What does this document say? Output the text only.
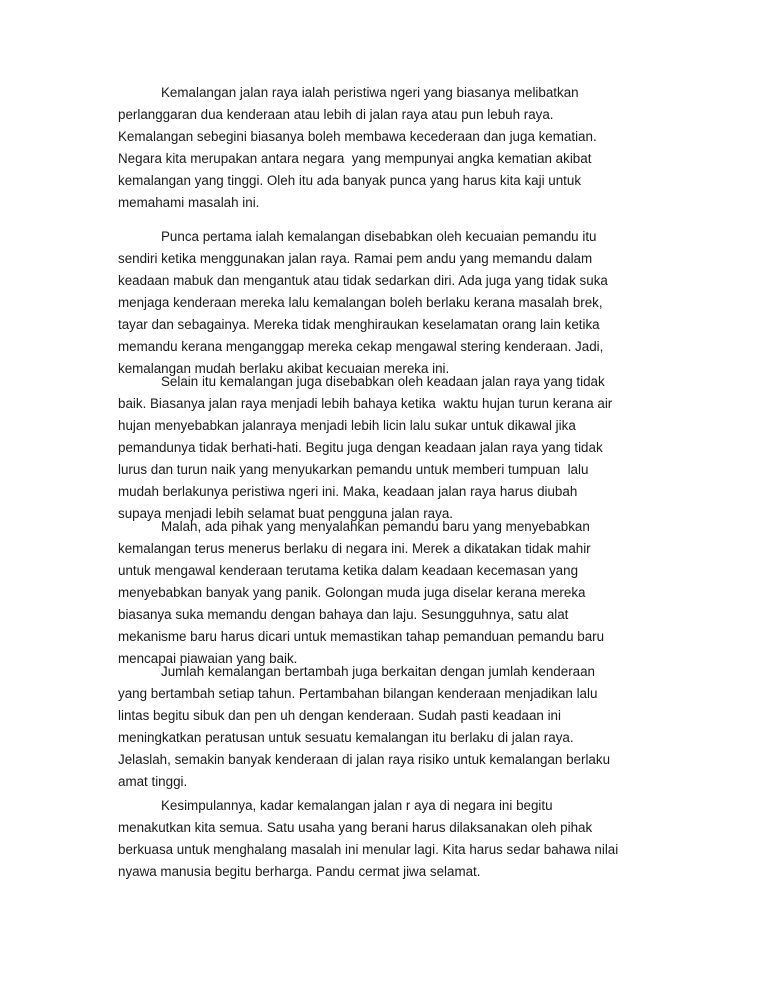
Kemalangan jalan raya ialah peristiwa ngeri yang biasanya melibatkan
perlanggaran dua kenderaan atau lebih di jalan raya atau pun lebuh raya.
Kemalangan sebegini biasanya boleh membawa kecederaan dan juga kematian.
Negara kita merupakan antara negara  yang mempunyai angka kematian akibat
kemalangan yang tinggi. Oleh itu ada banyak punca yang harus kita kaji untuk
memahami masalah ini.
Punca pertama ialah kemalangan disebabkan oleh kecuaian pemandu itu
sendiri ketika menggunakan jalan raya. Ramai pem andu yang memandu dalam
keadaan mabuk dan mengantuk atau tidak sedarkan diri. Ada juga yang tidak suka
menjaga kenderaan mereka lalu kemalangan boleh berlaku kerana masalah brek,
tayar dan sebagainya. Mereka tidak menghiraukan keselamatan orang lain ketika
memandu kerana menganggap mereka cekap mengawal stering kenderaan. Jadi,
kemalangan mudah berlaku akibat kecuaian mereka ini.
Selain itu kemalangan juga disebabkan oleh keadaan jalan raya yang tidak
baik. Biasanya jalan raya menjadi lebih bahaya ketika  waktu hujan turun kerana air
hujan menyebabkan jalanraya menjadi lebih licin lalu sukar untuk dikawal jika
pemandunya tidak berhati-hati. Begitu juga dengan keadaan jalan raya yang tidak
lurus dan turun naik yang menyukarkan pemandu untuk memberi tumpuan  lalu
mudah berlakunya peristiwa ngeri ini. Maka, keadaan jalan raya harus diubah
supaya menjadi lebih selamat buat pengguna jalan raya.
Malah, ada pihak yang menyalahkan pemandu baru yang menyebabkan
kemalangan terus menerus berlaku di negara ini. Merek a dikatakan tidak mahir
untuk mengawal kenderaan terutama ketika dalam keadaan kecemasan yang
menyebabkan banyak yang panik. Golongan muda juga diselar kerana mereka
biasanya suka memandu dengan bahaya dan laju. Sesungguhnya, satu alat
mekanisme baru harus dicari untuk memastikan tahap pemanduan pemandu baru
mencapai piawaian yang baik.
Jumlah kemalangan bertambah juga berkaitan dengan jumlah kenderaan
yang bertambah setiap tahun. Pertambahan bilangan kenderaan menjadikan lalu
lintas begitu sibuk dan pen uh dengan kenderaan. Sudah pasti keadaan ini
meningkatkan peratusan untuk sesuatu kemalangan itu berlaku di jalan raya.
Jelaslah, semakin banyak kenderaan di jalan raya risiko untuk kemalangan berlaku
amat tinggi.
Kesimpulannya, kadar kemalangan jalan r aya di negara ini begitu
menakutkan kita semua. Satu usaha yang berani harus dilaksanakan oleh pihak
berkuasa untuk menghalang masalah ini menular lagi. Kita harus sedar bahawa nilai
nyawa manusia begitu berharga. Pandu cermat jiwa selamat.
